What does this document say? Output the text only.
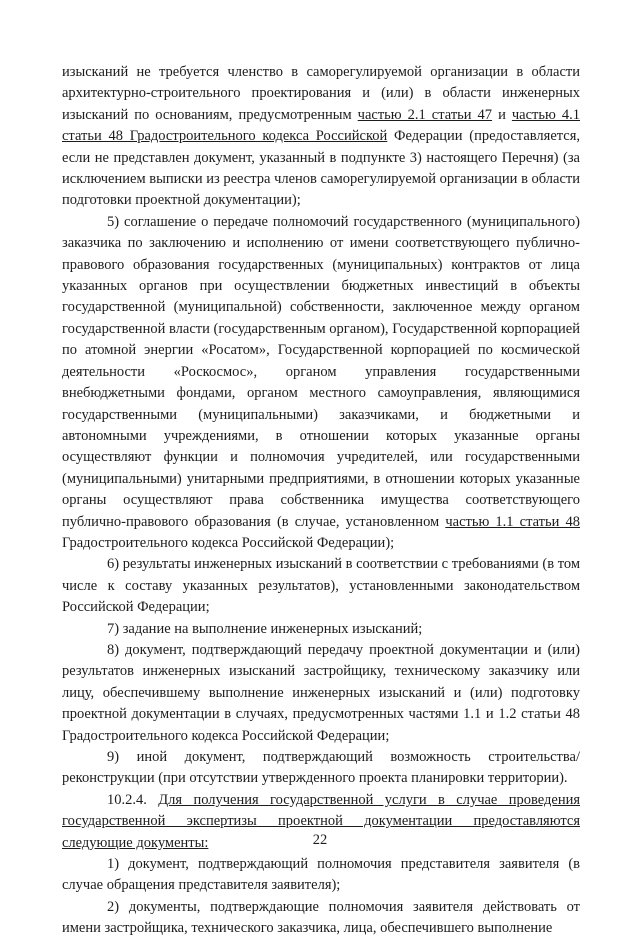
изысканий не требуется членство в саморегулируемой организации в области архитектурно-строительного проектирования и (или) в области инженерных изысканий по основаниям, предусмотренным частью 2.1 статьи 47 и частью 4.1 статьи 48 Градостроительного кодекса Российской Федерации (предоставляется, если не представлен документ, указанный в подпункте 3) настоящего Перечня) (за исключением выписки из реестра членов саморегулируемой организации в области подготовки проектной документации);

5) соглашение о передаче полномочий государственного (муниципального) заказчика по заключению и исполнению от имени соответствующего публично-правового образования государственных (муниципальных) контрактов от лица указанных органов при осуществлении бюджетных инвестиций в объекты государственной (муниципальной) собственности, заключенное между органом государственной власти (государственным органом), Государственной корпорацией по атомной энергии «Росатом», Государственной корпорацией по космической деятельности «Роскосмос», органом управления государственными внебюджетными фондами, органом местного самоуправления, являющимися государственными (муниципальными) заказчиками, и бюджетными и автономными учреждениями, в отношении которых указанные органы осуществляют функции и полномочия учредителей, или государственными (муниципальными) унитарными предприятиями, в отношении которых указанные органы осуществляют права собственника имущества соответствующего публично-правового образования (в случае, установленном частью 1.1 статьи 48 Градостроительного кодекса Российской Федерации);

6) результаты инженерных изысканий в соответствии с требованиями (в том числе к составу указанных результатов), установленными законодательством Российской Федерации;

7) задание на выполнение инженерных изысканий;

8) документ, подтверждающий передачу проектной документации и (или) результатов инженерных изысканий застройщику, техническому заказчику или лицу, обеспечившему выполнение инженерных изысканий и (или) подготовку проектной документации в случаях, предусмотренных частями 1.1 и 1.2 статьи 48 Градостроительного кодекса Российской Федерации;

9) иной документ, подтверждающий возможность строительства/реконструкции (при отсутствии утвержденного проекта планировки территории).

10.2.4. Для получения государственной услуги в случае проведения государственной экспертизы проектной документации предоставляются следующие документы:

1) документ, подтверждающий полномочия представителя заявителя (в случае обращения представителя заявителя);

2) документы, подтверждающие полномочия заявителя действовать от имени застройщика, технического заказчика, лица, обеспечившего выполнение

22
